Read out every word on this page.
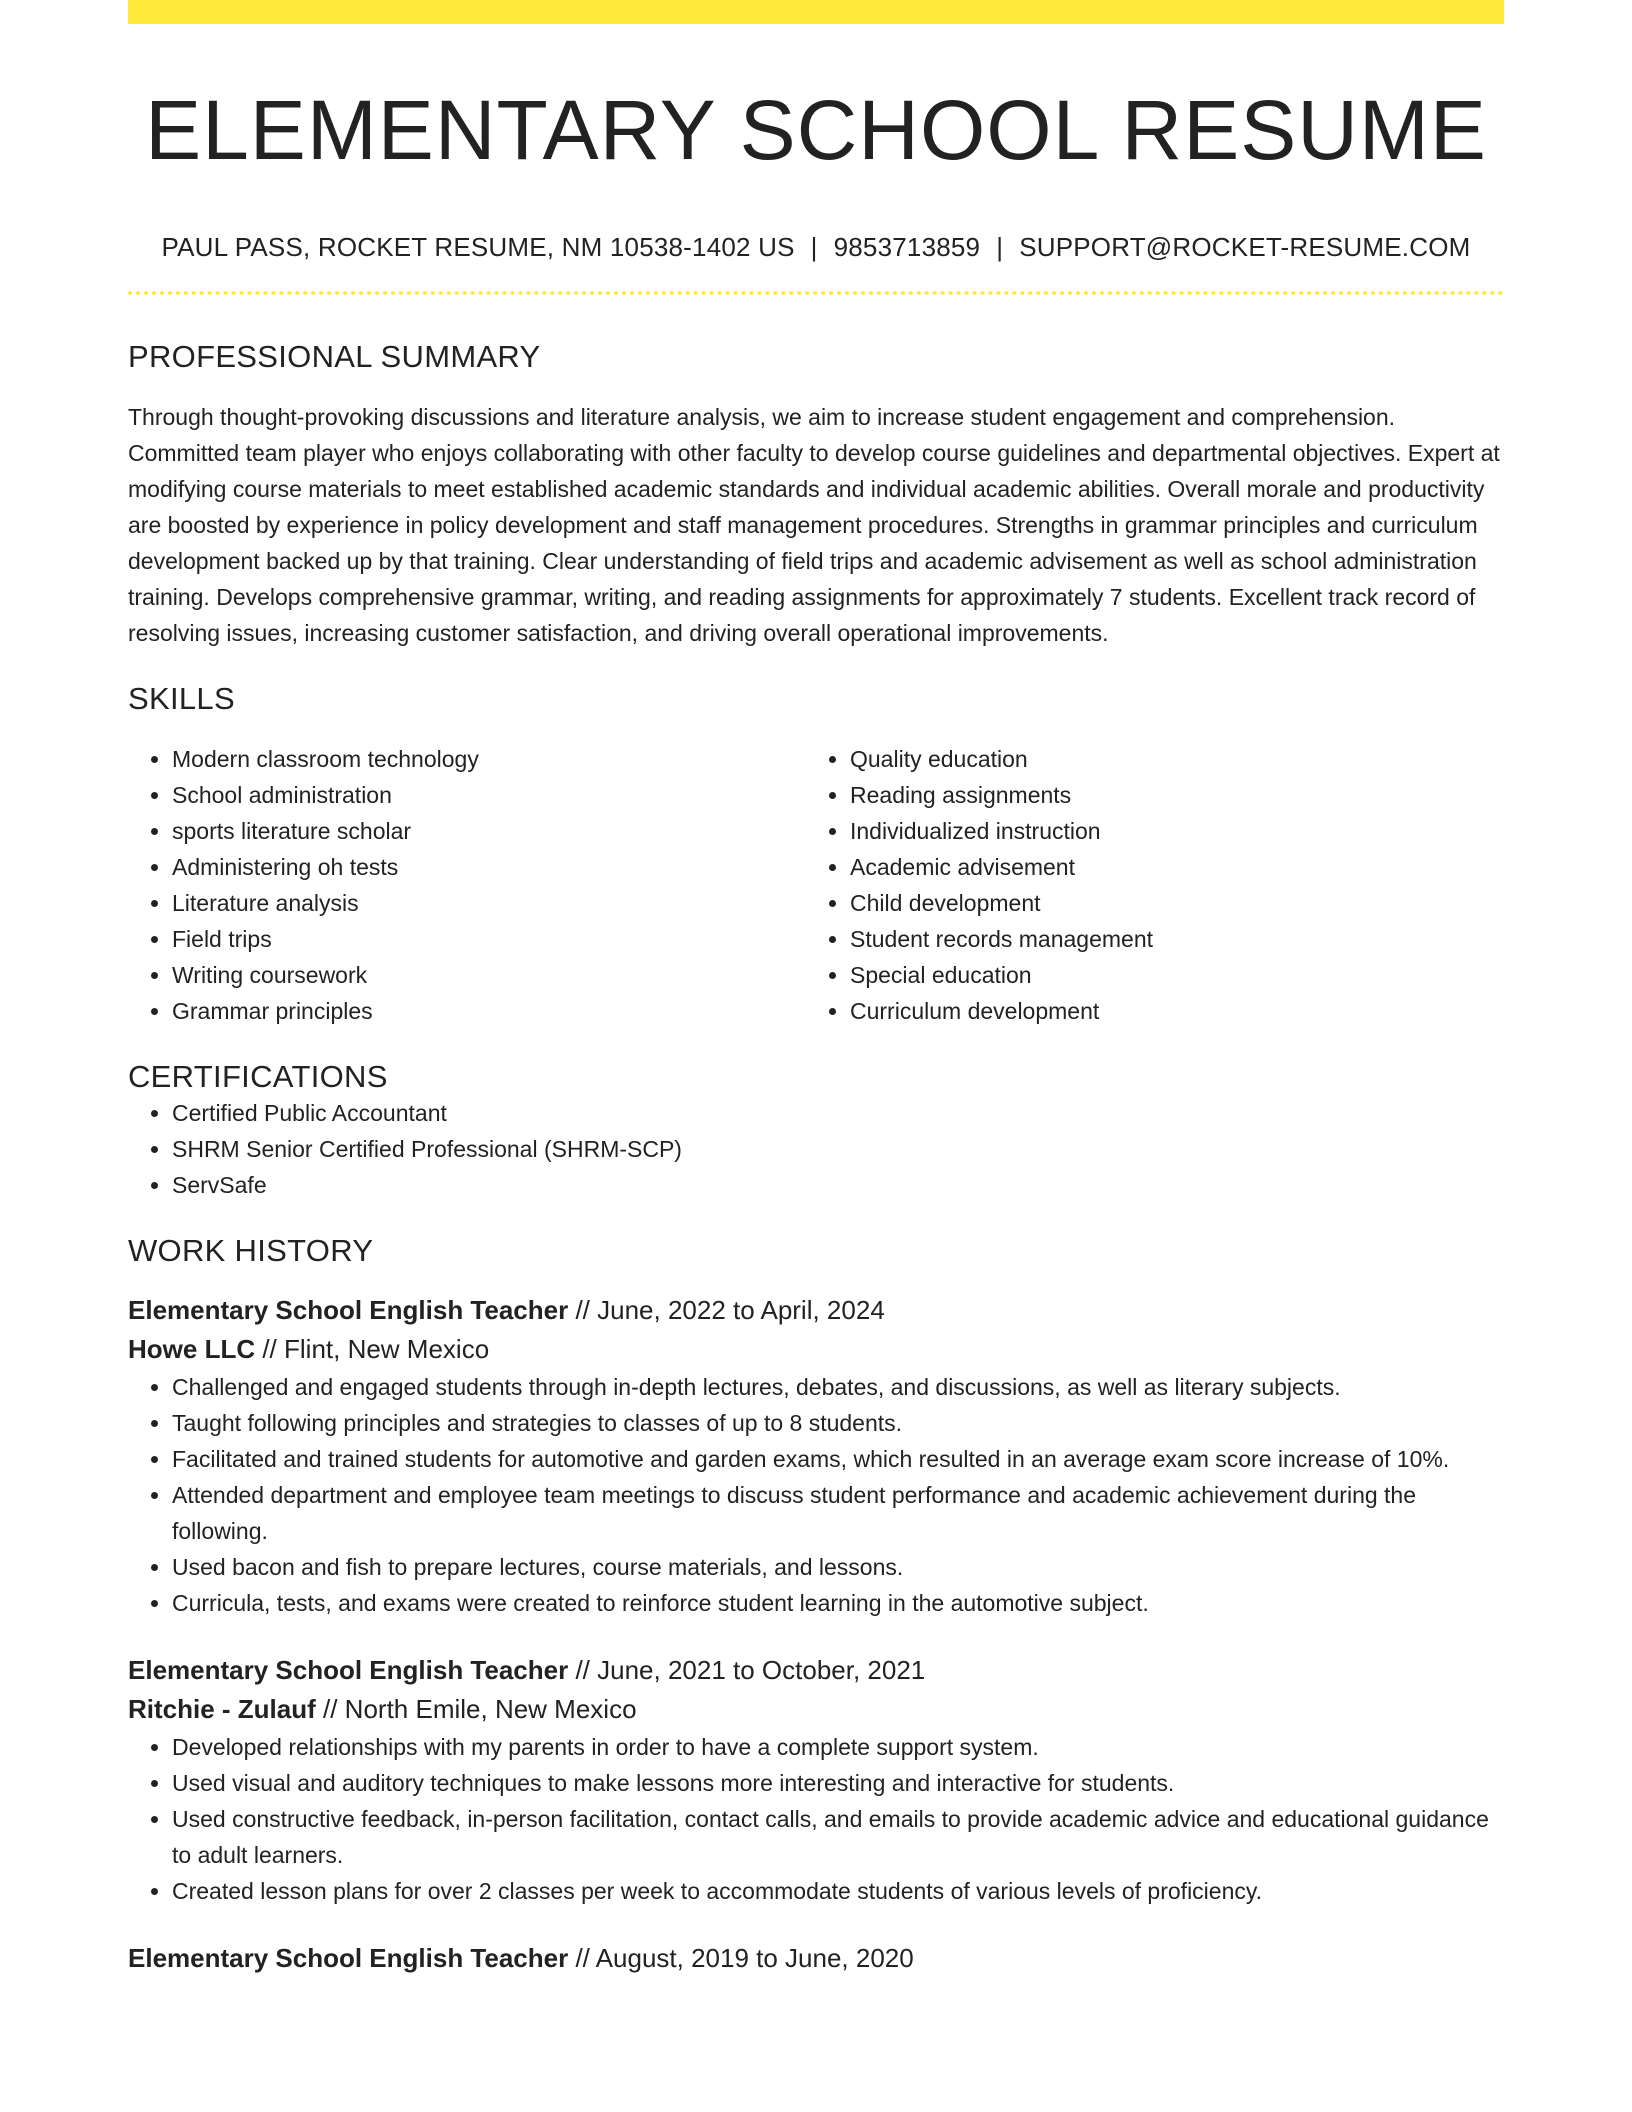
ELEMENTARY SCHOOL RESUME
PAUL PASS, ROCKET RESUME, NM 10538-1402 US | 9853713859 | SUPPORT@ROCKET-RESUME.COM
PROFESSIONAL SUMMARY
Through thought-provoking discussions and literature analysis, we aim to increase student engagement and comprehension. Committed team player who enjoys collaborating with other faculty to develop course guidelines and departmental objectives. Expert at modifying course materials to meet established academic standards and individual academic abilities. Overall morale and productivity are boosted by experience in policy development and staff management procedures. Strengths in grammar principles and curriculum development backed up by that training. Clear understanding of field trips and academic advisement as well as school administration training. Develops comprehensive grammar, writing, and reading assignments for approximately 7 students. Excellent track record of resolving issues, increasing customer satisfaction, and driving overall operational improvements.
SKILLS
• Modern classroom technology
• School administration
• sports literature scholar
• Administering oh tests
• Literature analysis
• Field trips
• Writing coursework
• Grammar principles
• Quality education
• Reading assignments
• Individualized instruction
• Academic advisement
• Child development
• Student records management
• Special education
• Curriculum development
CERTIFICATIONS
• Certified Public Accountant
• SHRM Senior Certified Professional (SHRM-SCP)
• ServSafe
WORK HISTORY
Elementary School English Teacher // June, 2022 to April, 2024
Howe LLC // Flint, New Mexico
• Challenged and engaged students through in-depth lectures, debates, and discussions, as well as literary subjects.
• Taught following principles and strategies to classes of up to 8 students.
• Facilitated and trained students for automotive and garden exams, which resulted in an average exam score increase of 10%.
• Attended department and employee team meetings to discuss student performance and academic achievement during the following.
• Used bacon and fish to prepare lectures, course materials, and lessons.
• Curricula, tests, and exams were created to reinforce student learning in the automotive subject.
Elementary School English Teacher // June, 2021 to October, 2021
Ritchie - Zulauf // North Emile, New Mexico
• Developed relationships with my parents in order to have a complete support system.
• Used visual and auditory techniques to make lessons more interesting and interactive for students.
• Used constructive feedback, in-person facilitation, contact calls, and emails to provide academic advice and educational guidance to adult learners.
• Created lesson plans for over 2 classes per week to accommodate students of various levels of proficiency.
Elementary School English Teacher // August, 2019 to June, 2020
